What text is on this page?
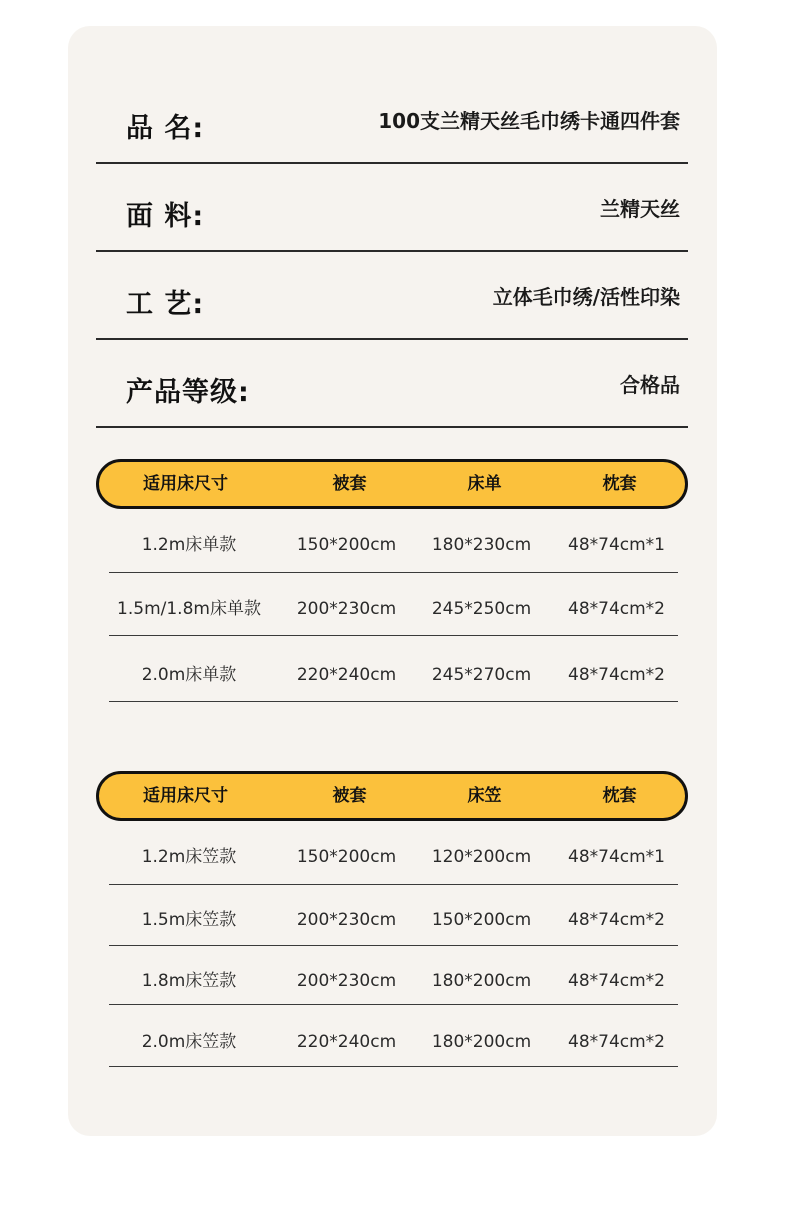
品 名:	100支兰精天丝毛巾绣卡通四件套
面 料:	兰精天丝
工 艺:	立体毛巾绣/活性印染
产品等级:	合格品
适用床尺寸	被套	床单	枕套
1.2m床单款	150*200cm	180*230cm	48*74cm*1
1.5m/1.8m床单款	200*230cm	245*250cm	48*74cm*2
2.0m床单款	220*240cm	245*270cm	48*74cm*2
适用床尺寸	被套	床笠	枕套
1.2m床笠款	150*200cm	120*200cm	48*74cm*1
1.5m床笠款	200*230cm	150*200cm	48*74cm*2
1.8m床笠款	200*230cm	180*200cm	48*74cm*2
2.0m床笠款	220*240cm	180*200cm	48*74cm*2
